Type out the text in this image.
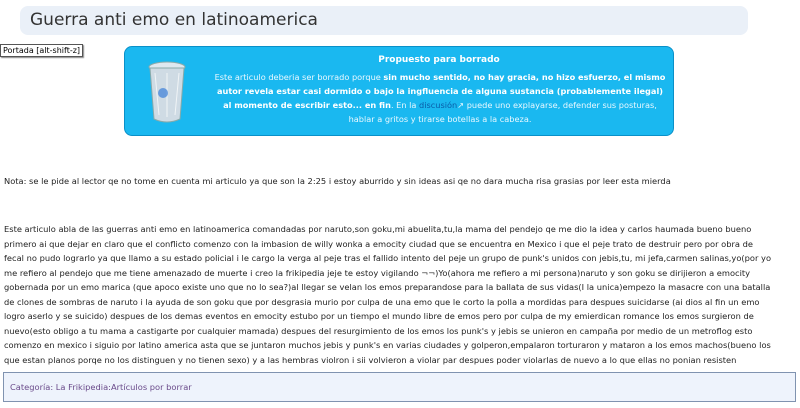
Guerra anti emo en latinoamerica
Portada [alt-shift-z]
Propuesto para borrado
Este articulo deberia ser borrado porque sin mucho sentido, no hay gracia, no hizo esfuerzo, el mismo autor revela estar casi dormido o bajo la ingfluencia de alguna sustancia (probablemente ilegal) al momento de escribir esto... en fin. En la discusión↗ puede uno explayarse, defender sus posturas, hablar a gritos y tirarse botellas a la cabeza.
Nota: se le pide al lector qe no tome en cuenta mi articulo ya que son la 2:25 i estoy aburrido y sin ideas asi qe no dara mucha risa grasias por leer esta mierda
Este articulo abla de las guerras anti emo en latinoamerica comandadas por naruto,son goku,mi abuelita,tu,la mama del pendejo qe me dio la idea y carlos haumada bueno bueno
primero ai que dejar en claro que el conflicto comenzo con la imbasion de willy wonka a emocity ciudad que se encuentra en Mexico i que el peje trato de destruir pero por obra de
fecal no pudo lograrlo ya que llamo a su estado policial i le cargo la verga al peje tras el fallido intento del peje un grupo de punk's unidos con jebis,tu, mi jefa,carmen salinas,yo(por yo
me refiero al pendejo que me tiene amenazado de muerte i creo la frikipedia jeje te estoy vigilando ¬¬)Yo(ahora me refiero a mi persona)naruto y son goku se dirijieron a emocity
gobernada por un emo marica (que apoco existe uno que no lo sea?)al llegar se velan los emos preparandose para la ballata de sus vidas(I la unica)empezo la masacre con una batalla
de clones de sombras de naruto i la ayuda de son goku que por desgrasia murio por culpa de una emo que le corto la polla a mordidas para despues suicidarse (ai dios al fin un emo
logro aserlo y se suicido) despues de los demas eventos en emocity estubo por un tiempo el mundo libre de emos pero por culpa de my emierdican romance los emos surgieron de
nuevo(esto obligo a tu mama a castigarte por cualquier mamada) despues del resurgimiento de los emos los punk's y jebis se unieron en campaña por medio de un metroflog esto
comenzo en mexico i siguio por latino america asta que se juntaron muchos jebis y punk's en varias ciudades y golperon,empalaron torturaron y mataron a los emos machos(bueno los
que estan planos porqe no los distinguen y no tienen sexo) y a las hembras violron i sii volvieron a violar par despues poder violarlas de nuevo a lo que ellas no ponian resisten
Categoría: La Frikipedia:Artículos por borrar
